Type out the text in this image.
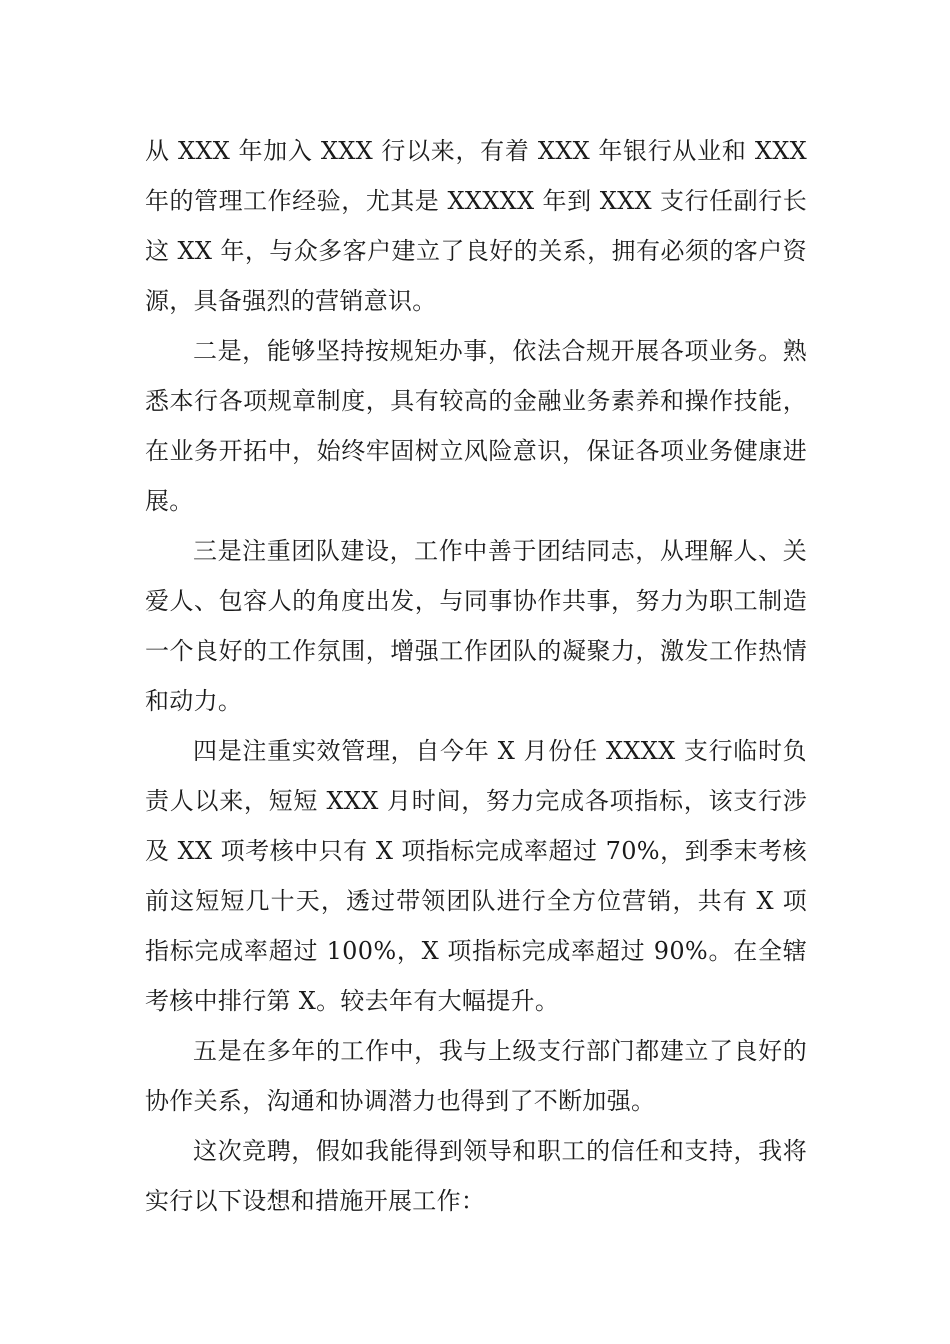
从 XXX 年加入 XXX 行以来，有着 XXX 年银行从业和 XXX 年的管理工作经验，尤其是 XXXXX 年到 XXX 支行任副行长这 XX 年，与众多客户建立了良好的关系，拥有必须的客户资源，具备强烈的营销意识。

二是，能够坚持按规矩办事，依法合规开展各项业务。熟悉本行各项规章制度，具有较高的金融业务素养和操作技能，在业务开拓中，始终牢固树立风险意识，保证各项业务健康进展。

三是注重团队建设，工作中善于团结同志，从理解人、关爱人、包容人的角度出发，与同事协作共事，努力为职工制造一个良好的工作氛围，增强工作团队的凝聚力，激发工作热情和动力。

四是注重实效管理，自今年 X 月份任 XXXX 支行临时负责人以来，短短 XXX 月时间，努力完成各项指标，该支行涉及 XX 项考核中只有 X 项指标完成率超过 70%，到季末考核前这短短几十天，透过带领团队进行全方位营销，共有 X 项指标完成率超过 100%，X 项指标完成率超过 90%。在全辖考核中排行第 X。较去年有大幅提升。

五是在多年的工作中，我与上级支行部门都建立了良好的协作关系，沟通和协调潜力也得到了不断加强。

这次竞聘，假如我能得到领导和职工的信任和支持，我将实行以下设想和措施开展工作：
